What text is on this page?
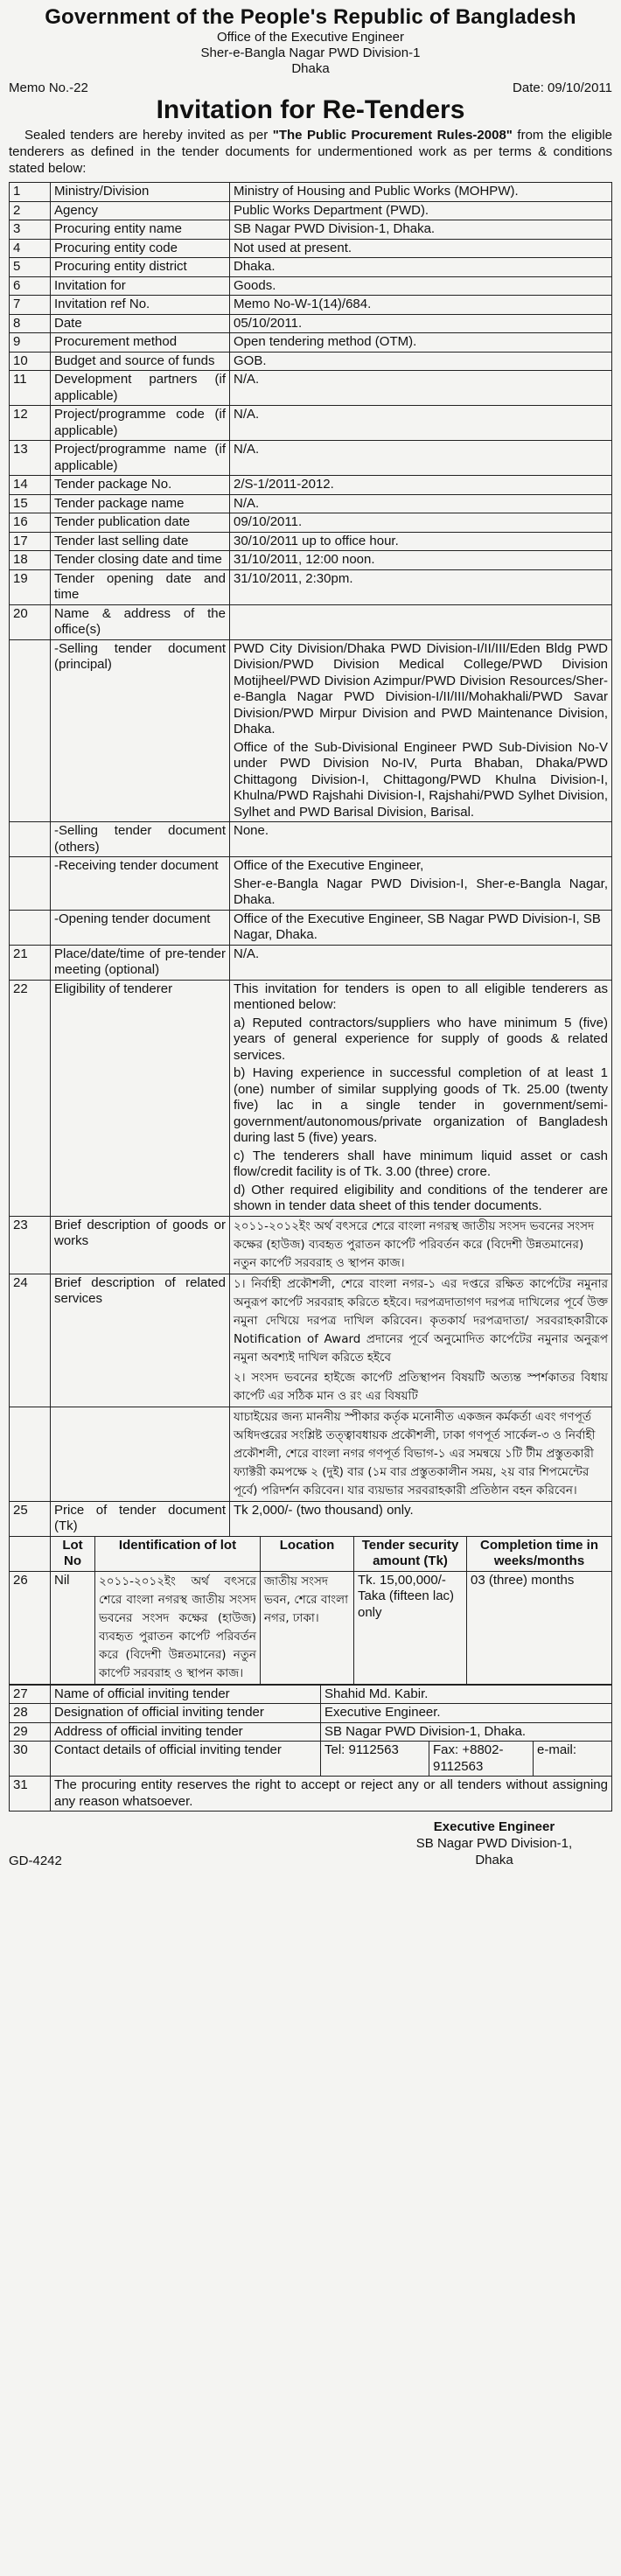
Government of the People's Republic of Bangladesh
Office of the Executive Engineer
Sher-e-Bangla Nagar PWD Division-1
Dhaka
Memo No.-22	Date: 09/10/2011
Invitation for Re-Tenders
Sealed tenders are hereby invited as per "The Public Procurement Rules-2008" from the eligible tenderers as defined in the tender documents for undermentioned work as per terms & conditions stated below:
1	Ministry/Division	Ministry of Housing and Public Works (MOHPW).
2	Agency	Public Works Department (PWD).
3	Procuring entity name	SB Nagar PWD Division-1, Dhaka.
4	Procuring entity code	Not used at present.
5	Procuring entity district	Dhaka.
6	Invitation for	Goods.
7	Invitation ref No.	Memo No-W-1(14)/684.
8	Date	05/10/2011.
9	Procurement method	Open tendering method (OTM).
10	Budget and source of funds	GOB.
11	Development partners (if applicable)	N/A.
12	Project/programme code (if applicable)	N/A.
13	Project/programme name (if applicable)	N/A.
14	Tender package No.	2/S-1/2011-2012.
15	Tender package name	N/A.
16	Tender publication date	09/10/2011.
17	Tender last selling date	30/10/2011 up to office hour.
18	Tender closing date and time	31/10/2011, 12:00 noon.
19	Tender opening date and time	31/10/2011, 2:30pm.
20	Name & address of the office(s)	
	-Selling tender document (principal)	PWD City Division/Dhaka PWD Division-I/II/III/Eden Bldg PWD Division/PWD Division Medical College/PWD Division Motijheel/PWD Division Azimpur/PWD Division Resources/Sher-e-Bangla Nagar PWD Division-I/II/III/Mohakhali/PWD Savar Division/PWD Mirpur Division and PWD Maintenance Division, Dhaka.

Office of the Sub-Divisional Engineer PWD Sub-Division No-V under PWD Division No-IV, Purta Bhaban, Dhaka/PWD Chittagong Division-I, Chittagong/PWD Khulna Division-I, Khulna/PWD Rajshahi Division-I, Rajshahi/PWD Sylhet Division, Sylhet and PWD Barisal Division, Barisal.

	-Selling tender document (others)	None.
	-Receiving tender document	Office of the Executive Engineer,

Sher-e-Bangla Nagar PWD Division-I, Sher-e-Bangla Nagar, Dhaka.

	-Opening tender document	Office of the Executive Engineer, SB Nagar PWD Division-I, SB Nagar, Dhaka.
21	Place/date/time of pre-tender meeting (optional)	N/A.
22	Eligibility of tenderer	This invitation for tenders is open to all eligible tenderers as mentioned below:

a) Reputed contractors/suppliers who have minimum 5 (five) years of general experience for supply of goods & related services.

b) Having experience in successful completion of at least 1 (one) number of similar supplying goods of Tk. 25.00 (twenty five) lac in a single tender in government/semi-government/autonomous/private organization of Bangladesh during last 5 (five) years.

c) The tenderers shall have minimum liquid asset or cash flow/credit facility is of Tk. 3.00 (three) crore.

d) Other required eligibility and conditions of the tenderer are shown in tender data sheet of this tender documents.

23	Brief description of goods or works	২০১১-২০১২ইং অর্থ বৎসরে শেরে বাংলা নগরস্থ জাতীয় সংসদ ভবনের সংসদ কক্ষের (হাউজ) ব্যবহৃত পুরাতন কার্পেট পরিবর্তন করে (বিদেশী উন্নতমানের) নতুন কার্পেট সরবরাহ ও স্থাপন কাজ।
24	Brief description of related services	১। নির্বাহী প্রকৌশলী, শেরে বাংলা নগর-১ এর দপ্তরে রক্ষিত কার্পেটের নমুনার অনুরূপ কার্পেট সরবরাহ করিতে হইবে। দরপত্রদাতাগণ দরপত্র দাখিলের পূর্বে উক্ত নমুনা দেখিয়ে দরপত্র দাখিল করিবেন। কৃতকার্য দরপত্রদাতা/ সরবরাহকারীকে Notification of Award প্রদানের পূর্বে অনুমোদিত কার্পেটের নমুনার অনুরূপ নমুনা অবশ্যই দাখিল করিতে হইবে

২। সংসদ ভবনের হাইজে কার্পেট প্রতিস্থাপন বিষয়টি অত্যন্ত স্পর্শকাতর বিধায় কার্পেট এর সঠিক মান ও রং এর বিষয়টি

		যাচাইয়ের জন্য মাননীয় স্পীকার কর্তৃক মনোনীত একজন কর্মকর্তা এবং গণপূর্ত অধিদপ্তরের সংশ্লিষ্ট তত্ত্বাবধায়ক প্রকৌশলী, ঢাকা গণপূর্ত সার্কেল-৩ ও নির্বাহী প্রকৌশলী, শেরে বাংলা নগর গণপূর্ত বিভাগ-১ এর সমন্বয়ে ১টি টীম প্রস্তুতকারী ফ্যাক্টরী কমপক্ষে ২ (দুই) বার (১ম বার প্রস্তুতকালীন সময়, ২য় বার শিপমেন্টের পূর্বে) পরিদর্শন করিবেন। যার ব্যয়ভার সরবরাহকারী প্রতিষ্ঠান বহন করিবেন।
25	Price of tender document (Tk)	Tk 2,000/- (two thousand) only.
	Lot No	Identification of lot	Location	Tender security amount (Tk)	Completion time in weeks/months
26	Nil	২০১১-২০১২ইং অর্থ বৎসরে শেরে বাংলা নগরস্থ জাতীয় সংসদ ভবনের সংসদ কক্ষের (হাউজ) ব্যবহৃত পুরাতন কার্পেট পরিবর্তন করে (বিদেশী উন্নতমানের) নতুন কার্পেট সরবরাহ ও স্থাপন কাজ।	জাতীয় সংসদ ভবন, শেরে বাংলা নগর, ঢাকা।	Tk. 15,00,000/- Taka (fifteen lac) only	03 (three) months
27	Name of official inviting tender	Shahid Md. Kabir.		
28	Designation of official inviting tender	Executive Engineer.		
29	Address of official inviting tender	SB Nagar PWD Division-1, Dhaka.		
30	Contact details of official inviting tender	Tel: 9112563	Fax: +8802-9112563	e-mail:
31	The procuring entity reserves the right to accept or reject any or all tenders without assigning any reason whatsoever.			
GD-4242
Executive Engineer
SB Nagar PWD Division-1,
Dhaka
